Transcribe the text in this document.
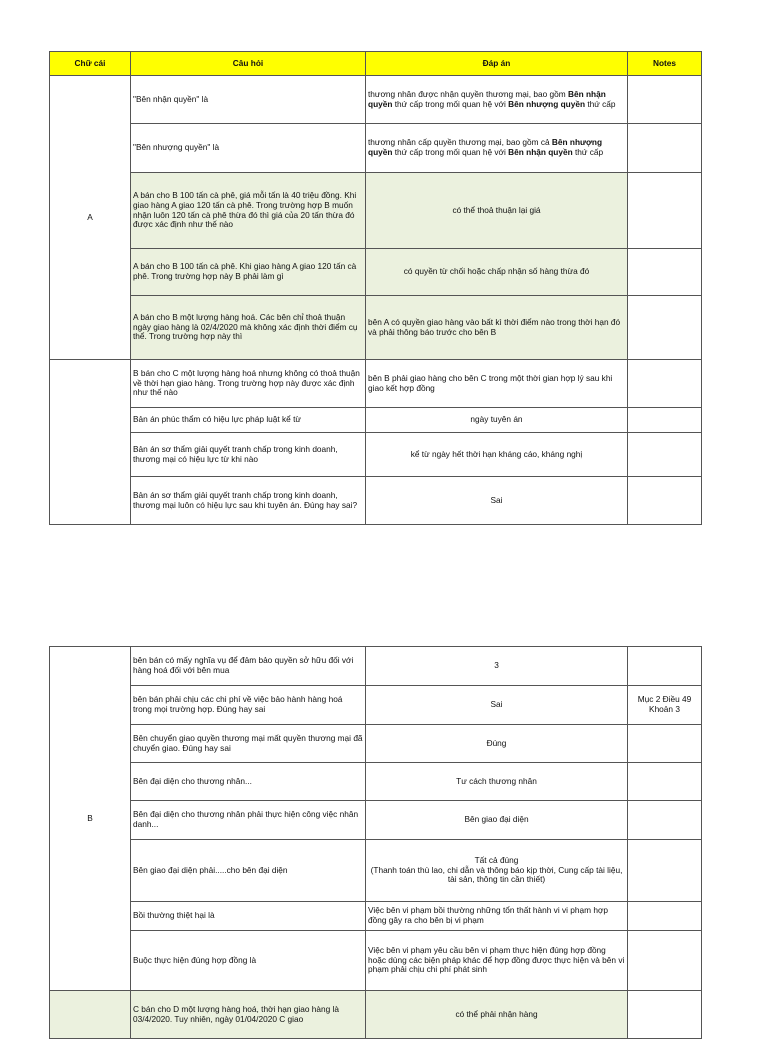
Chữ cái	Câu hỏi	Đáp án	Notes
A	"Bên nhận quyền" là	thương nhân được nhận quyền thương mại, bao gồm Bên nhận quyền thứ cấp trong mối quan hệ với Bên nhượng quyền thứ cấp	
	"Bên nhượng quyền" là	thương nhân cấp quyền thương mại, bao gồm cả Bên nhượng quyền thứ cấp trong mối quan hệ với Bên nhận quyền thứ cấp	
	A bán cho B 100 tấn cà phê, giá mỗi tấn là 40 triệu đồng. Khi giao hàng A giao 120 tấn cà phê. Trong trường hợp B muốn nhận luôn 120 tấn cà phê thừa đó thì giá của 20 tấn thừa đó được xác định như thế nào	có thể thoả thuận lại giá	
	A bán cho B 100 tấn cà phê. Khi giao hàng A giao 120 tấn cà phê. Trong trường hợp này B phải làm gì	có quyền từ chối hoặc chấp nhận số hàng thừa đó	
	A bán cho B một lượng hàng hoá. Các bên chỉ thoả thuận ngày giao hàng là 02/4/2020 mà không xác định thời điểm cụ thể. Trong trường hợp này thì	bên A có quyền giao hàng vào bất kì thời điểm nào trong thời hạn đó và phải thông báo trước cho bên B	
	B bán cho C một lượng hàng hoá nhưng không có thoả thuận về thời hạn giao hàng. Trong trường hợp này được xác định như thế nào	bên B phải giao hàng cho bên C trong một thời gian hợp lý sau khi giao kết hợp đồng	
	Bản án phúc thẩm có hiệu lực pháp luật kể từ	ngày tuyên án	
	Bản án sơ thẩm giải quyết tranh chấp trong kinh doanh, thương mại có hiệu lực từ khi nào	kể từ ngày hết thời hạn kháng cáo, kháng nghị	
	Bản án sơ thẩm giải quyết tranh chấp trong kinh doanh, thương mại luôn có hiệu lực sau khi tuyên án. Đúng hay sai?	Sai	
B	bên bán có mấy nghĩa vụ để đảm bảo quyền sở hữu đối với hàng hoá đối với bên mua	3	
	bên bán phải chịu các chi phí về việc bảo hành hàng hoá trong mọi trường hợp. Đúng hay sai	Sai	Mục 2 Điều 49 Khoản 3
	Bên chuyển giao quyền thương mại mất quyền thương mại đã chuyển giao. Đúng hay sai	Đúng	
	Bên đại diện cho thương nhân...	Tư cách thương nhân	
	Bên đại diện cho thương nhân phải thực hiện công việc nhân danh...	Bên giao đại diện	
	Bên giao đại diện phải.....cho bên đại diện	Tất cả đúng
(Thanh toán thù lao, chi dẫn và thông báo kịp thời, Cung cấp tài liệu, tài sản, thông tin cần thiết)	

	Bồi thường thiệt hại là	Việc bên vi phạm bồi thường những tổn thất hành vi vi phạm hợp đồng gây ra cho bên bị vi phạm	
	Buộc thực hiện đúng hợp đồng là	Việc bên vi phạm yêu cầu bên vi phạm thực hiện đúng hợp đồng hoặc dùng các biện pháp khác để hợp đồng được thực hiện và bên vi phạm phải chịu chi phí phát sinh	
	C bán cho D một lượng hàng hoá, thời hạn giao hàng là 03/4/2020. Tuy nhiên, ngày 01/04/2020 C giao	có thể phải nhận hàng	
